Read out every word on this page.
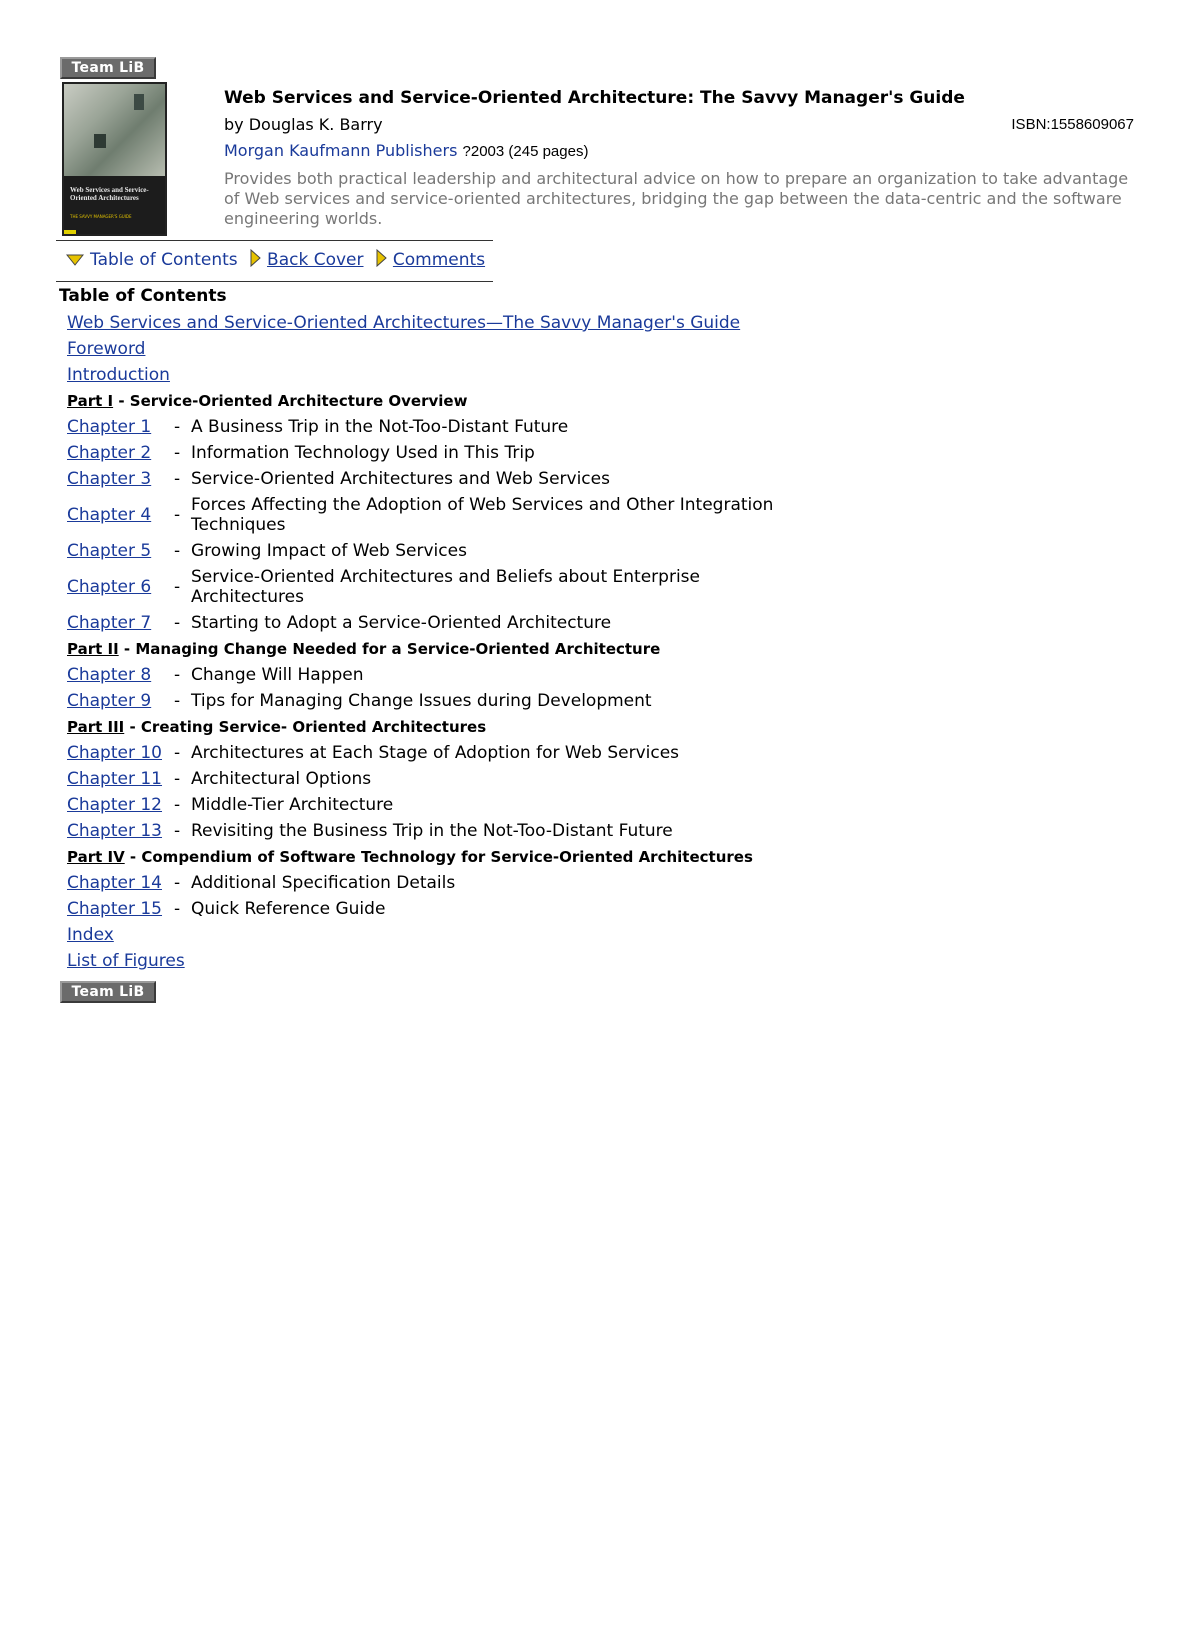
Team LiB
Web Services and Service-Oriented Architectures
THE SAVVY MANAGER'S GUIDE
Web Services and Service-Oriented Architecture: The Savvy Manager's Guide
by Douglas K. Barry	ISBN:1558609067
Morgan Kaufmann Publishers ?2003 (245 pages)
Provides both practical leadership and architectural advice on how to prepare an organization to take advantage of Web services and service-oriented architectures, bridging the gap between the data-centric and the software engineering worlds.
Table of Contents Back Cover Comments
Table of Contents
Web Services and Service-Oriented Architectures—The Savvy Manager's Guide
Foreword
Introduction
Part I - Service-Oriented Architecture Overview
Chapter 1	- A Business Trip in the Not-Too-Distant Future
Chapter 2	- Information Technology Used in This Trip
Chapter 3	- Service-Oriented Architectures and Web Services
Chapter 4	- Forces Affecting the Adoption of Web Services and Other Integration Techniques
Chapter 5	- Growing Impact of Web Services
Chapter 6	- Service-Oriented Architectures and Beliefs about Enterprise Architectures
Chapter 7	- Starting to Adopt a Service-Oriented Architecture
Part II - Managing Change Needed for a Service-Oriented Architecture
Chapter 8	- Change Will Happen
Chapter 9	- Tips for Managing Change Issues during Development
Part III - Creating Service- Oriented Architectures
Chapter 10 - Architectures at Each Stage of Adoption for Web Services
Chapter 11 - Architectural Options
Chapter 12 - Middle-Tier Architecture
Chapter 13 - Revisiting the Business Trip in the Not-Too-Distant Future
Part IV - Compendium of Software Technology for Service-Oriented Architectures
Chapter 14 - Additional Specification Details
Chapter 15 - Quick Reference Guide
Index
List of Figures
Team LiB
